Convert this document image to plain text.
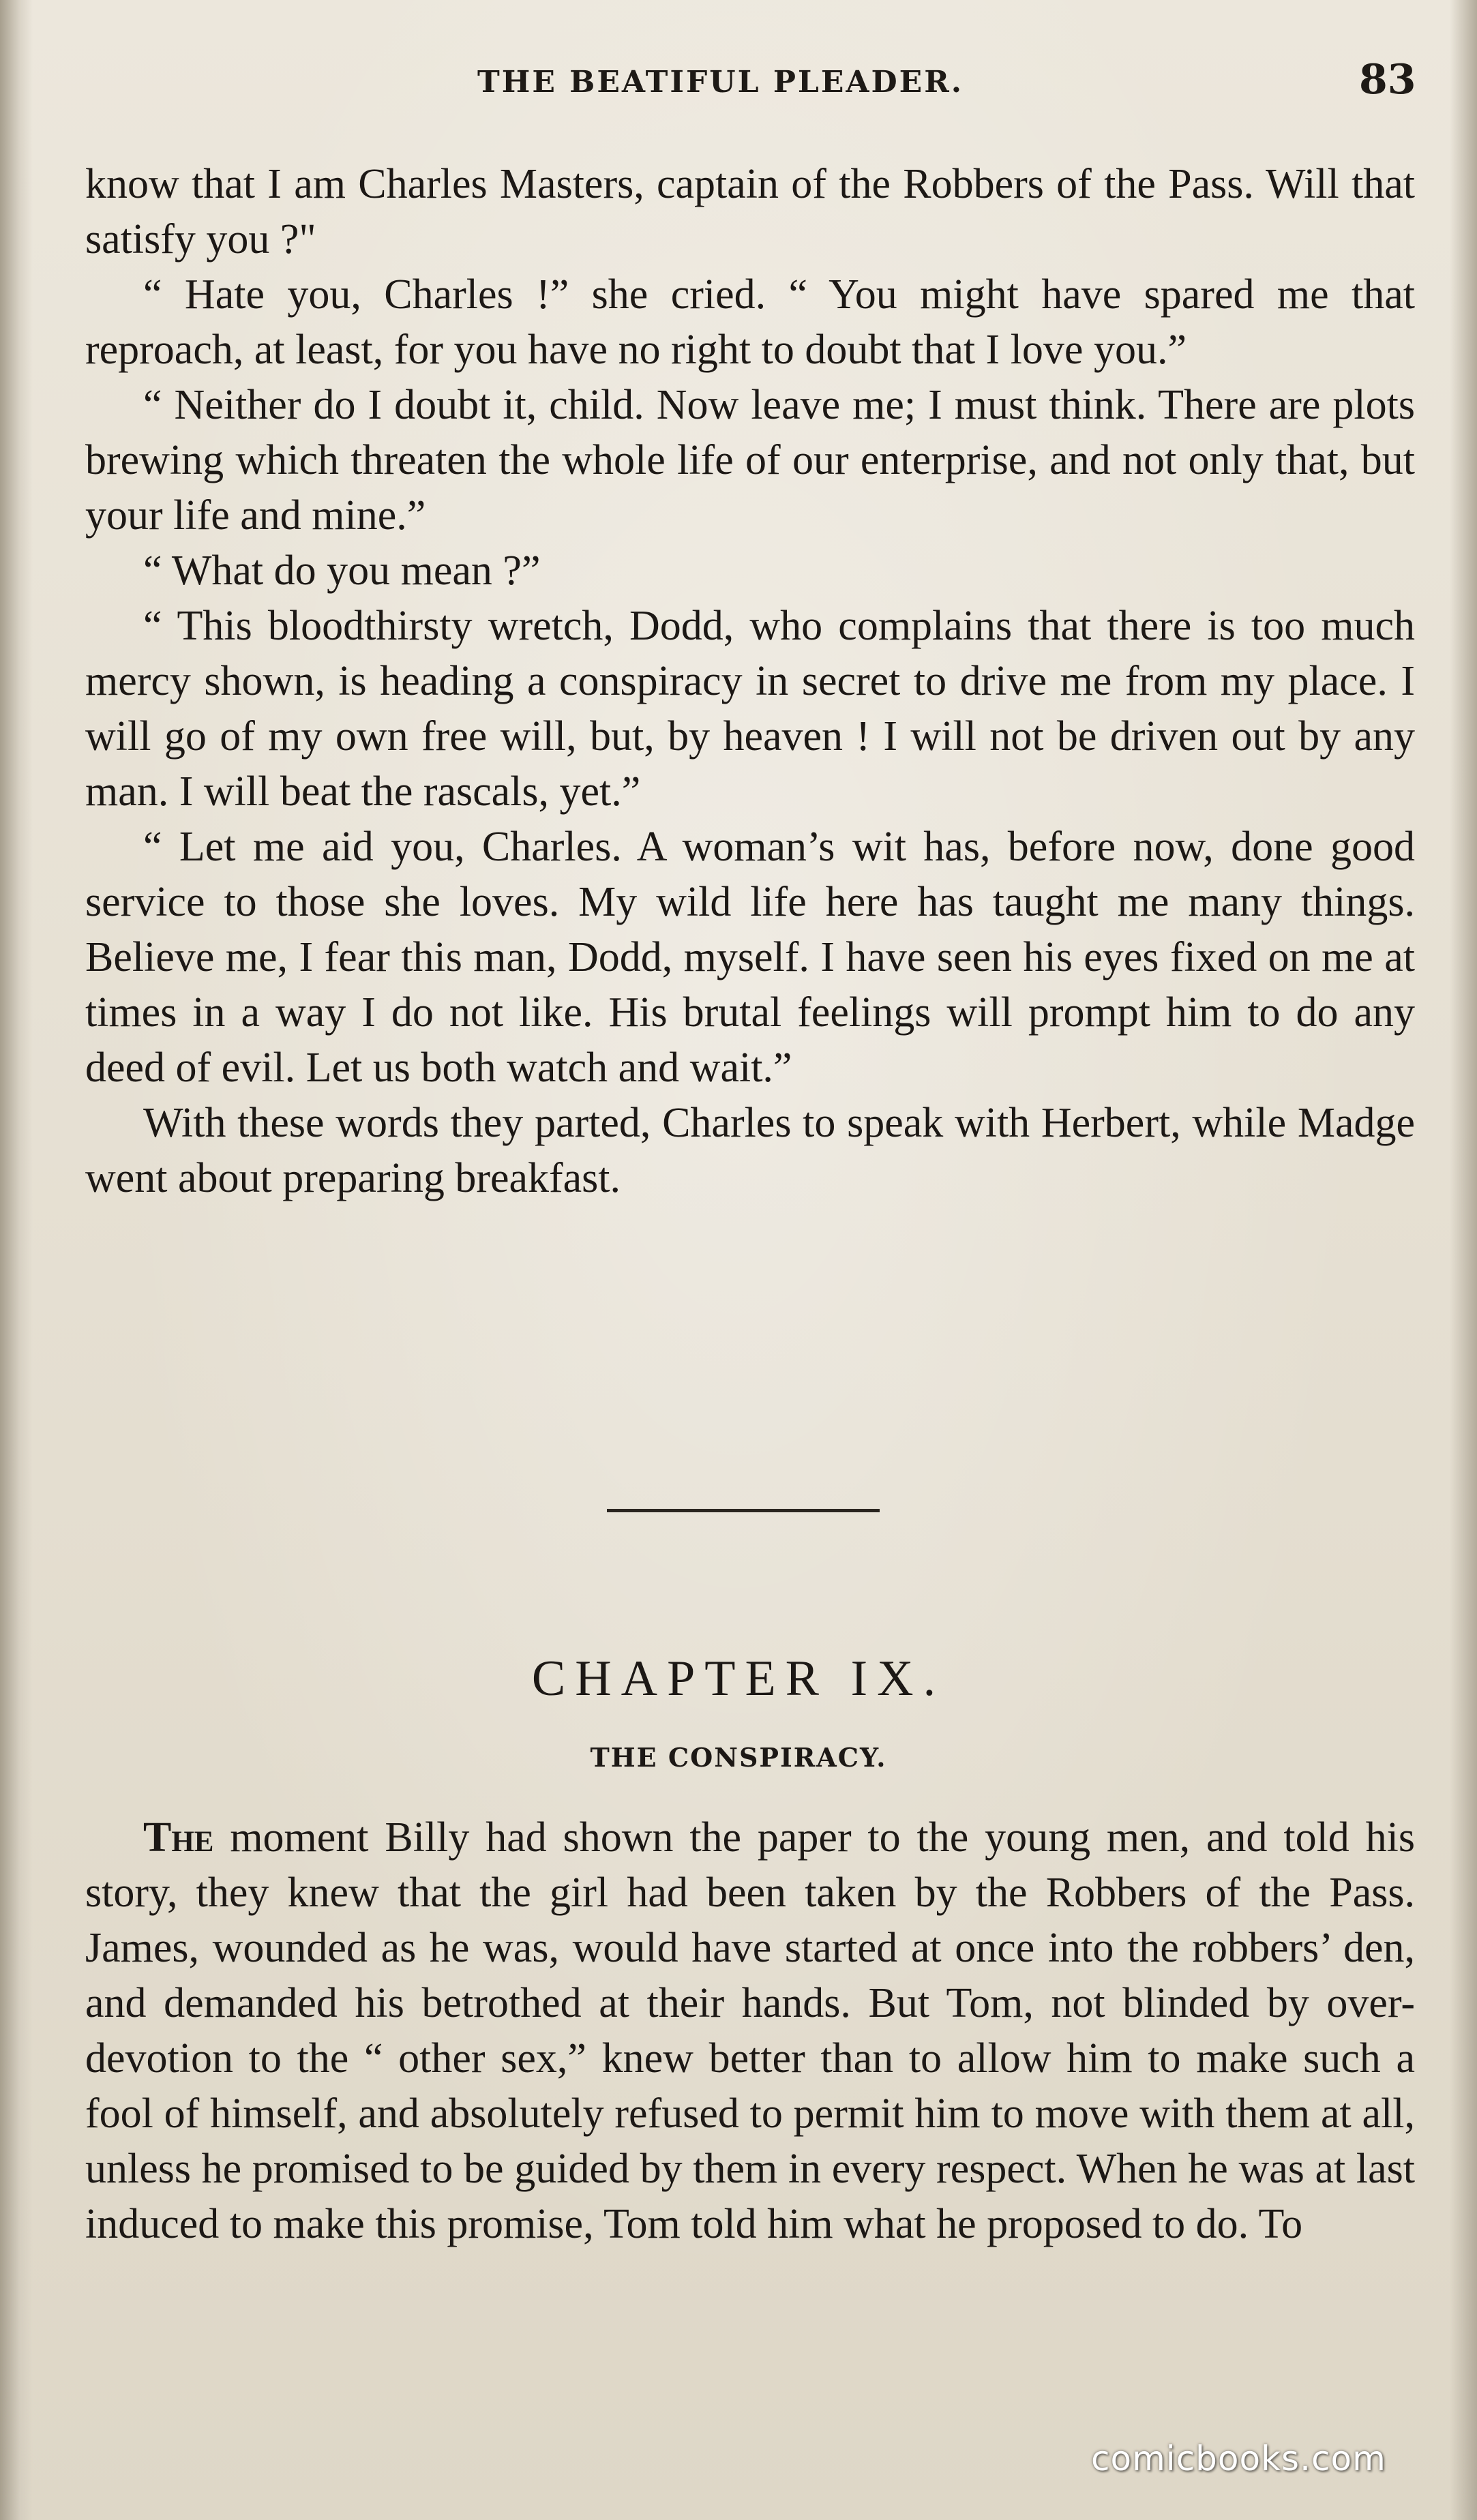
THE BEATIFUL PLEADER.	83

know that I am Charles Masters, captain of the Robbers of the Pass. Will that satisfy you ?"

“ Hate you, Charles !” she cried. “ You might have spared me that reproach, at least, for you have no right to doubt that I love you.”

“ Neither do I doubt it, child. Now leave me; I must think. There are plots brewing which threaten the whole life of our enterprise, and not only that, but your life and mine.”

“ What do you mean ?”

“ This bloodthirsty wretch, Dodd, who complains that there is too much mercy shown, is heading a conspiracy in secret to drive me from my place. I will go of my own free will, but, by heaven ! I will not be driven out by any man. I will beat the rascals, yet.”

“ Let me aid you, Charles. A woman’s wit has, before now, done good service to those she loves. My wild life here has taught me many things. Believe me, I fear this man, Dodd, myself. I have seen his eyes fixed on me at times in a way I do not like. His brutal feelings will prompt him to do any deed of evil. Let us both watch and wait.”

With these words they parted, Charles to speak with Herbert, while Madge went about preparing breakfast.

CHAPTER IX.
THE CONSPIRACY.

The moment Billy had shown the paper to the young men, and told his story, they knew that the girl had been taken by the Robbers of the Pass. James, wounded as he was, would have started at once into the robbers’ den, and demanded his betrothed at their hands. But Tom, not blinded by over-devotion to the “ other sex,” knew better than to allow him to make such a fool of himself, and absolutely refused to permit him to move with them at all, unless he promised to be guided by them in every respect. When he was at last induced to make this promise, Tom told him what he proposed to do. To

comicbooks.com
